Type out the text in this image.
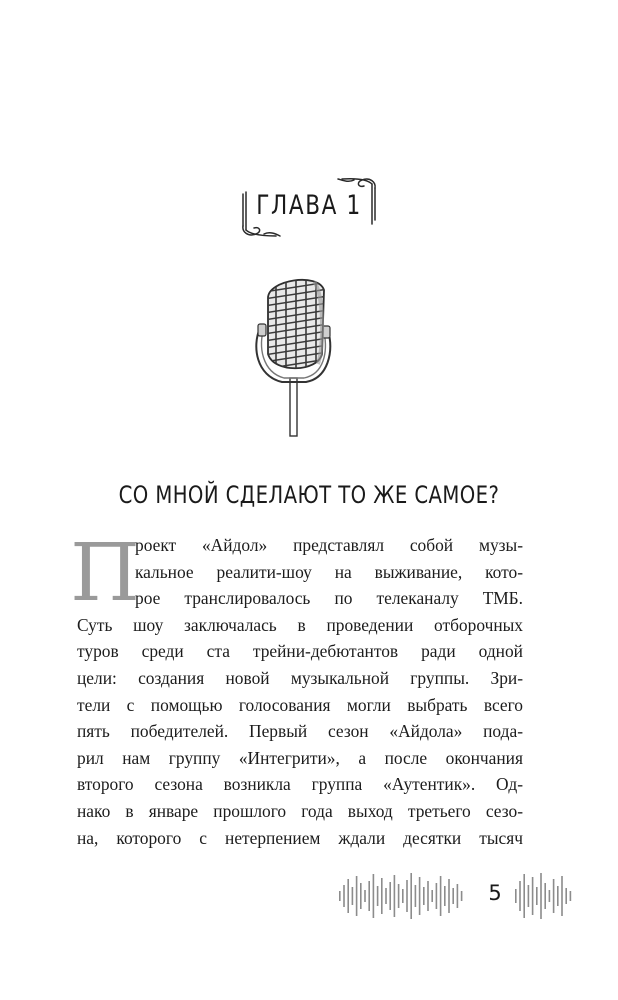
ГЛАВА 1
СО МНОЙ СДЕЛАЮТ ТО ЖЕ САМОЕ?
П
роект «Айдол» представлял собой музы-
кальное реалити-шоу на выживание, кото-
рое транслировалось по телеканалу ТМБ.
Суть шоу заключалась в проведении отборочных
туров среди ста трейни-дебютантов ради одной
цели: создания новой музыкальной группы. Зри-
тели с помощью голосования могли выбрать всего
пять победителей. Первый сезон «Айдола» пода-
рил нам группу «Интегрити», а после окончания
второго сезона возникла группа «Аутентик». Од-
нако в январе прошлого года выход третьего сезо-
на, которого с нетерпением ждали десятки тысяч
5
